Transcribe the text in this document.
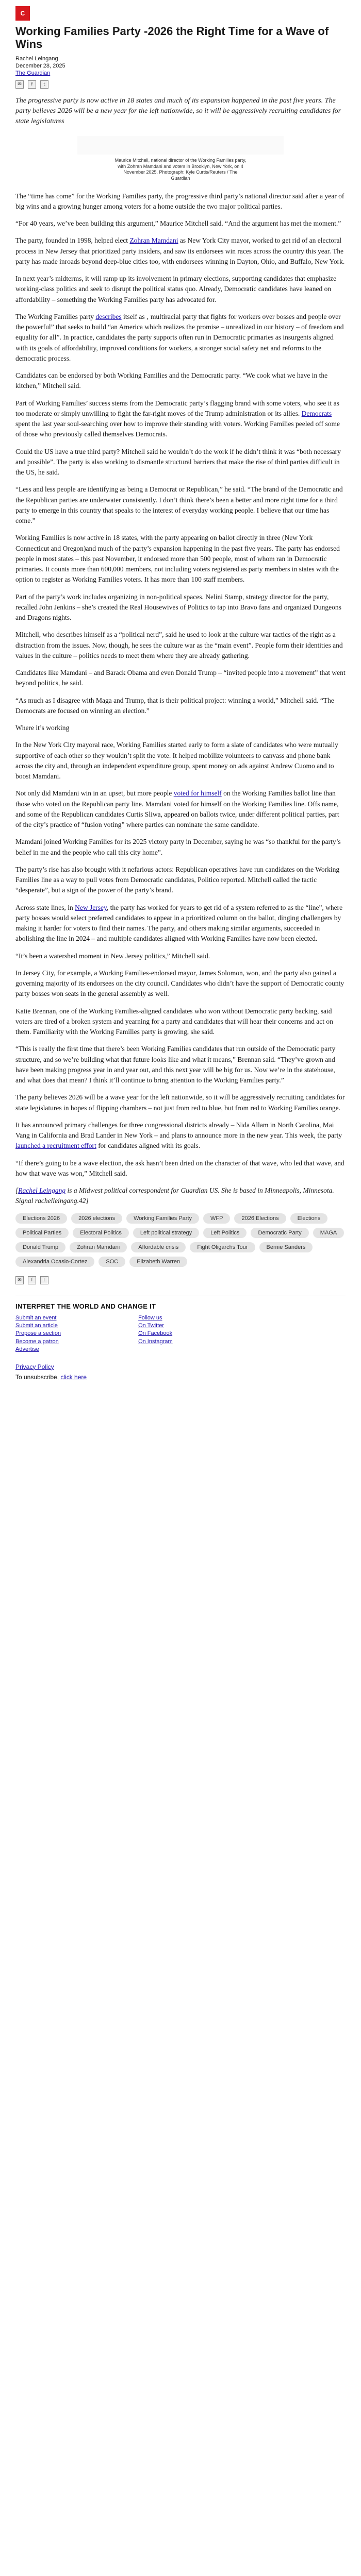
C
Working Families Party -2026 the Right Time for a Wave of Wins

Rachel Leingang

December 28, 2025

The Guardian

✉	f	t

The progressive party is now active in 18 states and much of its expansion happened in the past five years. The party believes 2026 will be a new year for the left nationwide, so it will be aggressively recruiting candidates for state legislatures

Maurice Mitchell, national director of the Working Families party, with Zohran Mamdani and voters in Brooklyn, New York, on 4 November 2025. Photograph: Kyle Curtis/Reuters / The Guardian

The “time has come” for the Working Families party, the progressive third party’s national director said after a year of big wins and a growing hunger among voters for a home outside the two major political parties.

“For 40 years, we’ve been building this argument,” Maurice Mitchell said. “And the argument has met the moment.”

The party, founded in 1998, helped elect Zohran Mamdani as New York City mayor, worked to get rid of an electoral process in New Jersey that prioritized party insiders, and saw its endorsees win races across the country this year. The party has made inroads beyond deep-blue cities too, with endorsees winning in Dayton, Ohio, and Buffalo, New York.

In next year’s midterms, it will ramp up its involvement in primary elections, supporting candidates that emphasize working-class politics and seek to disrupt the political status quo. Already, Democratic candidates have leaned on affordability – something the Working Families party has advocated for.

The Working Families party describes itself as ‚ multiracial party that fights for workers over bosses and people over the powerful” that seeks to build “an America which realizes the promise – unrealized in our history – of freedom and equality for all”. In practice, candidates the party supports often run in Democratic primaries as insurgents aligned with its goals of affordability, improved conditions for workers, a stronger social safety net and reforms to the democratic process.

Candidates can be endorsed by both Working Families and the Democratic party. “We cook what we have in the kitchen,” Mitchell said.

Part of Working Families’ success stems from the Democratic party’s flagging brand with some voters, who see it as too moderate or simply unwilling to fight the far-right moves of the Trump administration or its allies. Democrats spent the last year soul-searching over how to improve their standing with voters. Working Families peeled off some of those who previously called themselves Democrats.

Could the US have a true third party? Mitchell said he wouldn’t do the work if he didn’t think it was “both necessary and possible”. The party is also working to dismantle structural barriers that make the rise of third parties difficult in the US, he said.

“Less and less people are identifying as being a Democrat or Republican,” he said. “The brand of the Democratic and the Republican parties are underwater consistently. I don’t think there’s been a better and more right time for a third party to emerge in this country that speaks to the interest of everyday working people. I believe that our time has come.”

Working Families is now active in 18 states, with the party appearing on ballot directly in three (New York Connecticut and Oregon)and much of the party’s expansion happening in the past five years. The party has endorsed people in most states – this past November, it endorsed more than 500 people, most of whom ran in Democratic primaries. It counts more than 600,000 members, not including voters registered as party members in states with the option to register as Working Families voters. It has more than 100 staff members.

Part of the party’s work includes organizing in non-political spaces. Nelini Stamp, strategy director for the party, recalled John Jenkins – she’s created the Real Housewives of Politics to tap into Bravo fans and organized Dungeons and Dragons nights.

Mitchell, who describes himself as a “political nerd”, said he used to look at the culture war tactics of the right as a distraction from the issues. Now, though, he sees the culture war as the “main event”. People form their identities and values in the culture – politics needs to meet them where they are already gathering.

Candidates like Mamdani – and Barack Obama and even Donald Trump – “invited people into a movement” that went beyond politics, he said.

“As much as I disagree with Maga and Trump, that is their political project: winning a world,” Mitchell said. “The Democrats are focused on winning an election.”

Where it’s working

In the New York City mayoral race, Working Families started early to form a slate of candidates who were mutually supportive of each other so they wouldn’t split the vote. It helped mobilize volunteers to canvass and phone bank across the city and, through an independent expenditure group, spent money on ads against Andrew Cuomo and to boost Mamdani.

Not only did Mamdani win in an upset, but more people voted for himself on the Working Families ballot line than those who voted on the Republican party line. Mamdani voted for himself on the Working Families line. Offs name, and some of the Republican candidates Curtis Sliwa, appeared on ballots twice, under different political parties, part of the city’s practice of “fusion voting” where parties can nominate the same candidate.

Mamdani joined Working Families for its 2025 victory party in December, saying he was “so thankful for the party’s belief in me and the people who call this city home”.

The party’s rise has also brought with it nefarious actors: Republican operatives have run candidates on the Working Families line as a way to pull votes from Democratic candidates, Politico reported. Mitchell called the tactic “desperate”, but a sign of the power of the party’s brand.

Across state lines, in New Jersey, the party has worked for years to get rid of a system referred to as the “line”, where party bosses would select preferred candidates to appear in a prioritized column on the ballot, dinging challengers by making it harder for voters to find their names. The party, and others making similar arguments, succeeded in abolishing the line in 2024 – and multiple candidates aligned with Working Families have now been elected.

“It’s been a watershed moment in New Jersey politics,” Mitchell said.

In Jersey City, for example, a Working Families-endorsed mayor, James Solomon, won, and the party also gained a governing majority of its endorsees on the city council. Candidates who didn’t have the support of Democratic county party bosses won seats in the general assembly as well.

Katie Brennan, one of the Working Families-aligned candidates who won without Democratic party backing, said voters are tired of a broken system and yearning for a party and candidates that will hear their concerns and act on them. Familiarity with the Working Families party is growing, she said.

“This is really the first time that there’s been Working Families candidates that run outside of the Democratic party structure, and so we’re building what that future looks like and what it means,” Brennan said. “They’ve grown and have been making progress year in and year out, and this next year will be big for us. Now we’re in the statehouse, and what does that mean? I think it’ll continue to bring attention to the Working Families party.”

The party believes 2026 will be a wave year for the left nationwide, so it will be aggressively recruiting candidates for state legislatures in hopes of flipping chambers – not just from red to blue, but from red to Working Families orange.

It has announced primary challenges for three congressional districts already – Nida Allam in North Carolina, Mai Vang in California and Brad Lander in New York – and plans to announce more in the new year. This week, the party launched a recruitment effort for candidates aligned with its goals.

“If there’s going to be a wave election, the ask hasn’t been dried on the character of that wave, who led that wave, and how that wave was won,” Mitchell said.

[Rachel Leingang is a Midwest political correspondent for Guardian US. She is based in Minneapolis, Minnesota. Signal rachelleingang.42]

Elections 2026	2026 elections	Working Families Party	WFP	2026 Elections	Elections
Political Parties	Electoral Politics	Left political strategy	Left Politics	Democratic Party	MAGA
Donald Trump	Zohran Mamdani	Affordable crisis	Fight Oligarchs Tour	Bernie Sanders
Alexandria Ocasio-Cortez	SOC	Elizabeth Warren
✉	f	t
INTERPRET THE WORLD AND CHANGE IT
Submit an event
Submit an article
Propose a section
Become a patron
Advertise
Follow us
On Twitter
On Facebook
On Instagram

Privacy Policy

To unsubscribe, click here
